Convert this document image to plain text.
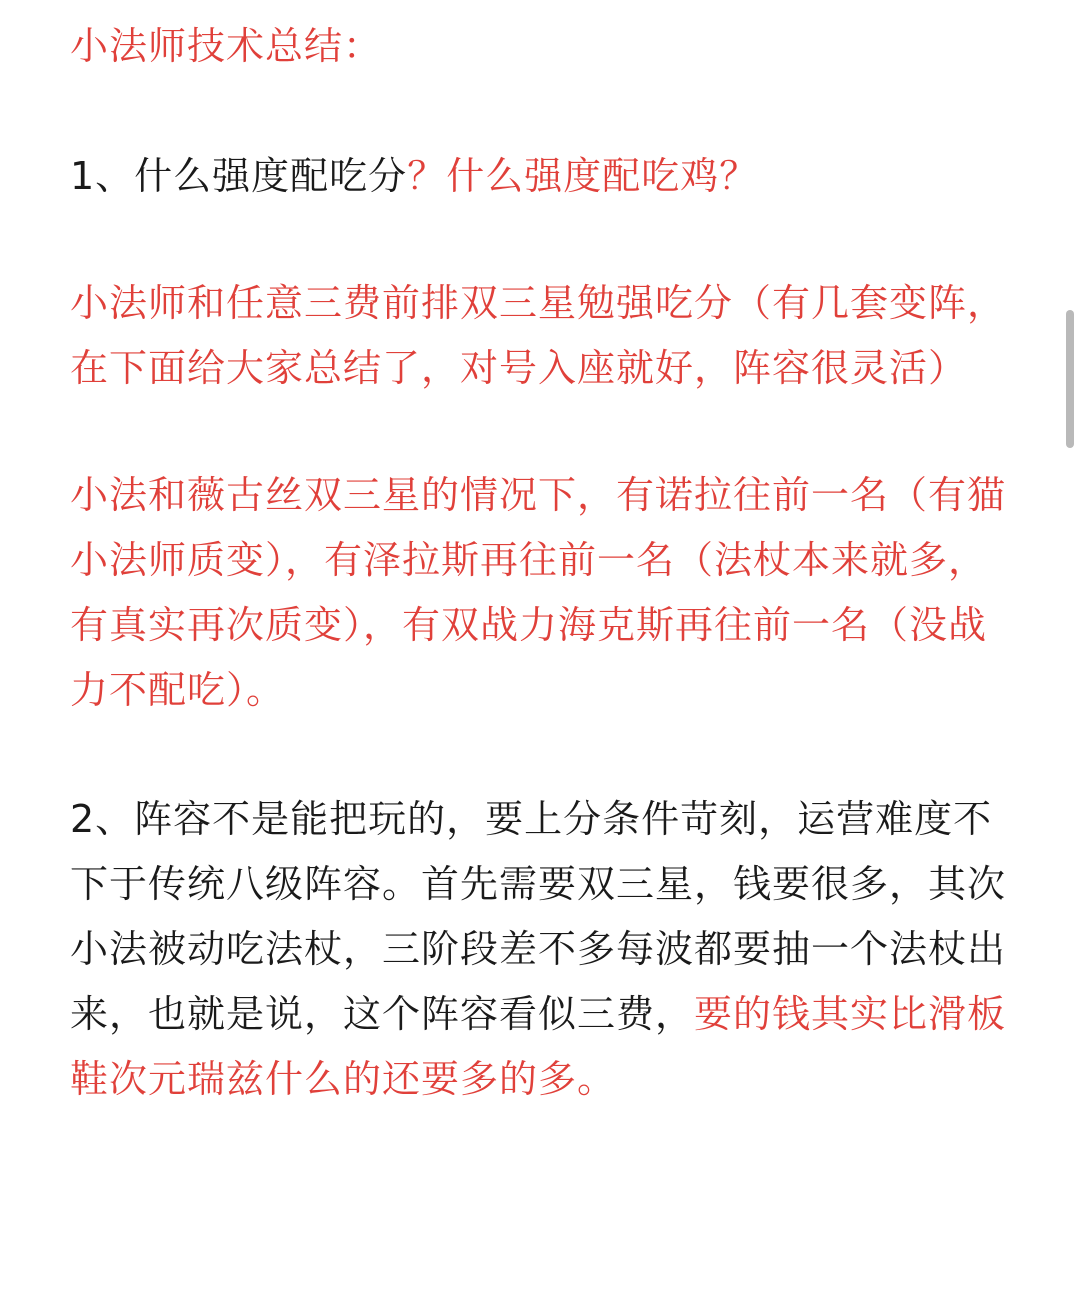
小法师技术总结：

1、什么强度配吃分？什么强度配吃鸡？

小法师和任意三费前排双三星勉强吃分（有几套变阵，在下面给大家总结了，对号入座就好，阵容很灵活）

小法和薇古丝双三星的情况下，有诺拉往前一名（有猫小法师质变），有泽拉斯再往前一名（法杖本来就多，有真实再次质变），有双战力海克斯再往前一名（没战力不配吃）。

2、阵容不是能把玩的，要上分条件苛刻，运营难度不下于传统八级阵容。首先需要双三星，钱要很多，其次小法被动吃法杖，三阶段差不多每波都要抽一个法杖出来，也就是说，这个阵容看似三费，要的钱其实比滑板鞋次元瑞兹什么的还要多的多。
